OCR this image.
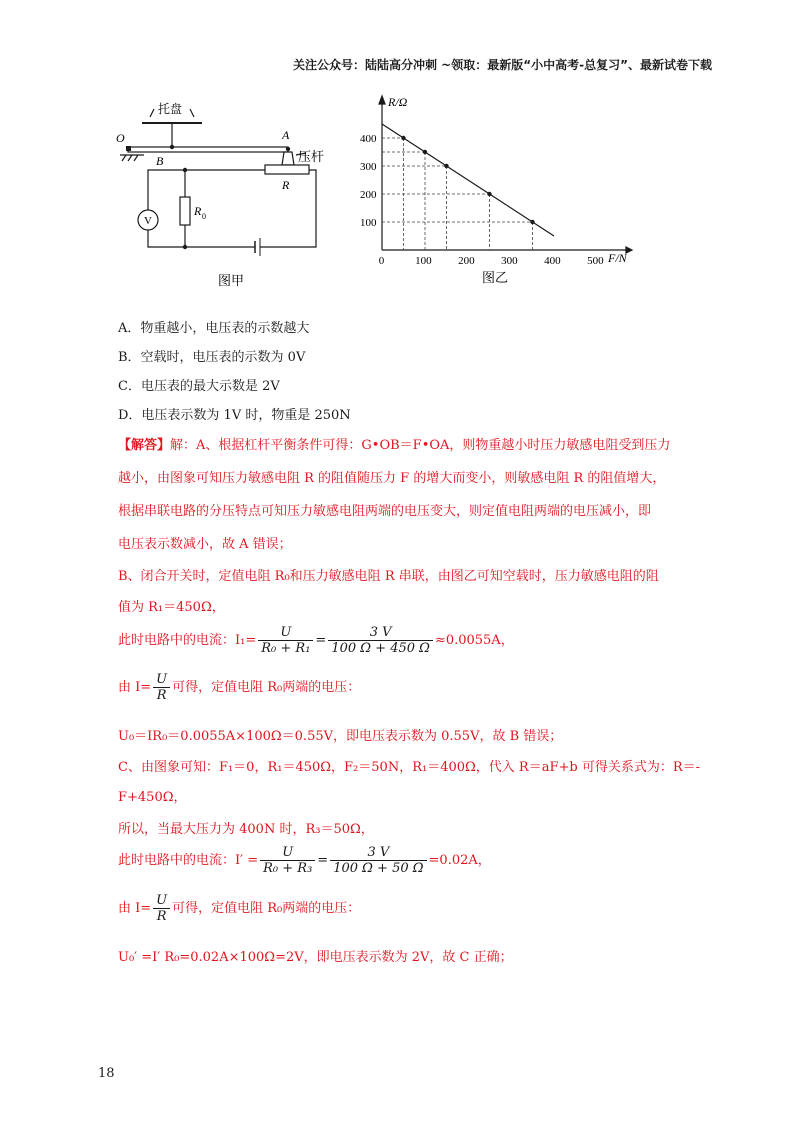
关注公众号：陆陆高分冲刺 ~领取：最新版“小中高考-总复习”、最新试卷下载
托盘
O	A
B	压杆
R
R 0
V
图甲
R/Ω
F/N
图乙
0	100 200 300 400 500
100
200
300
400
A．物重越小，电压表的示数越大
B．空载时，电压表的示数为 0V
C．电压表的最大示数是 2V
D．电压表示数为 1V 时，物重是 250N
【解答】解：A、根据杠杆平衡条件可得：G•OB＝F•OA，则物重越小时压力敏感电阻受到压力
越小，由图象可知压力敏感电阻 R 的阻值随压力 F 的增大而变小，则敏感电阻 R 的阻值增大，
根据串联电路的分压特点可知压力敏感电阻两端的电压变大，则定值电阻两端的电压减小，即
电压表示数减小，故 A 错误；
B、闭合开关时，定值电阻 R₀和压力敏感电阻 R 串联，由图乙可知空载时，压力敏感电阻的阻
值为 R₁＝450Ω，
此时电路中的电流：$I_1= \frac{U}{\text{R₀ + R₁}} = \frac{3 V}{100 \Omega + 450 \Omega} \approx 0.0055A$，
由 $I= \frac{U}{R}$ 可得，定值电阻 R₀两端的电压：
U₀＝IR₀＝0.0055A×100Ω＝0.55V，即电压表示数为 0.55V，故 B 错误；
C、由图象可知：F₁＝0，R₁＝450Ω，F₂＝50N，R₁＝400Ω，代入 R＝aF+b 可得关系式为：R＝-
F+450Ω，
所以，当最大压力为 400N 时，R₃＝50Ω，
此时电路中的电流：$I' = \frac{U}{\text{R₀ + R₃}} = \frac{3 V}{100 \Omega + 50 \Omega} =0.02A$，
由 $I= \frac{U}{R}$ 可得，定值电阻 R₀两端的电压：
U₀′ =I′ R₀=0.02A×100Ω=2V，即电压表示数为 2V，故 C 正确；
18
